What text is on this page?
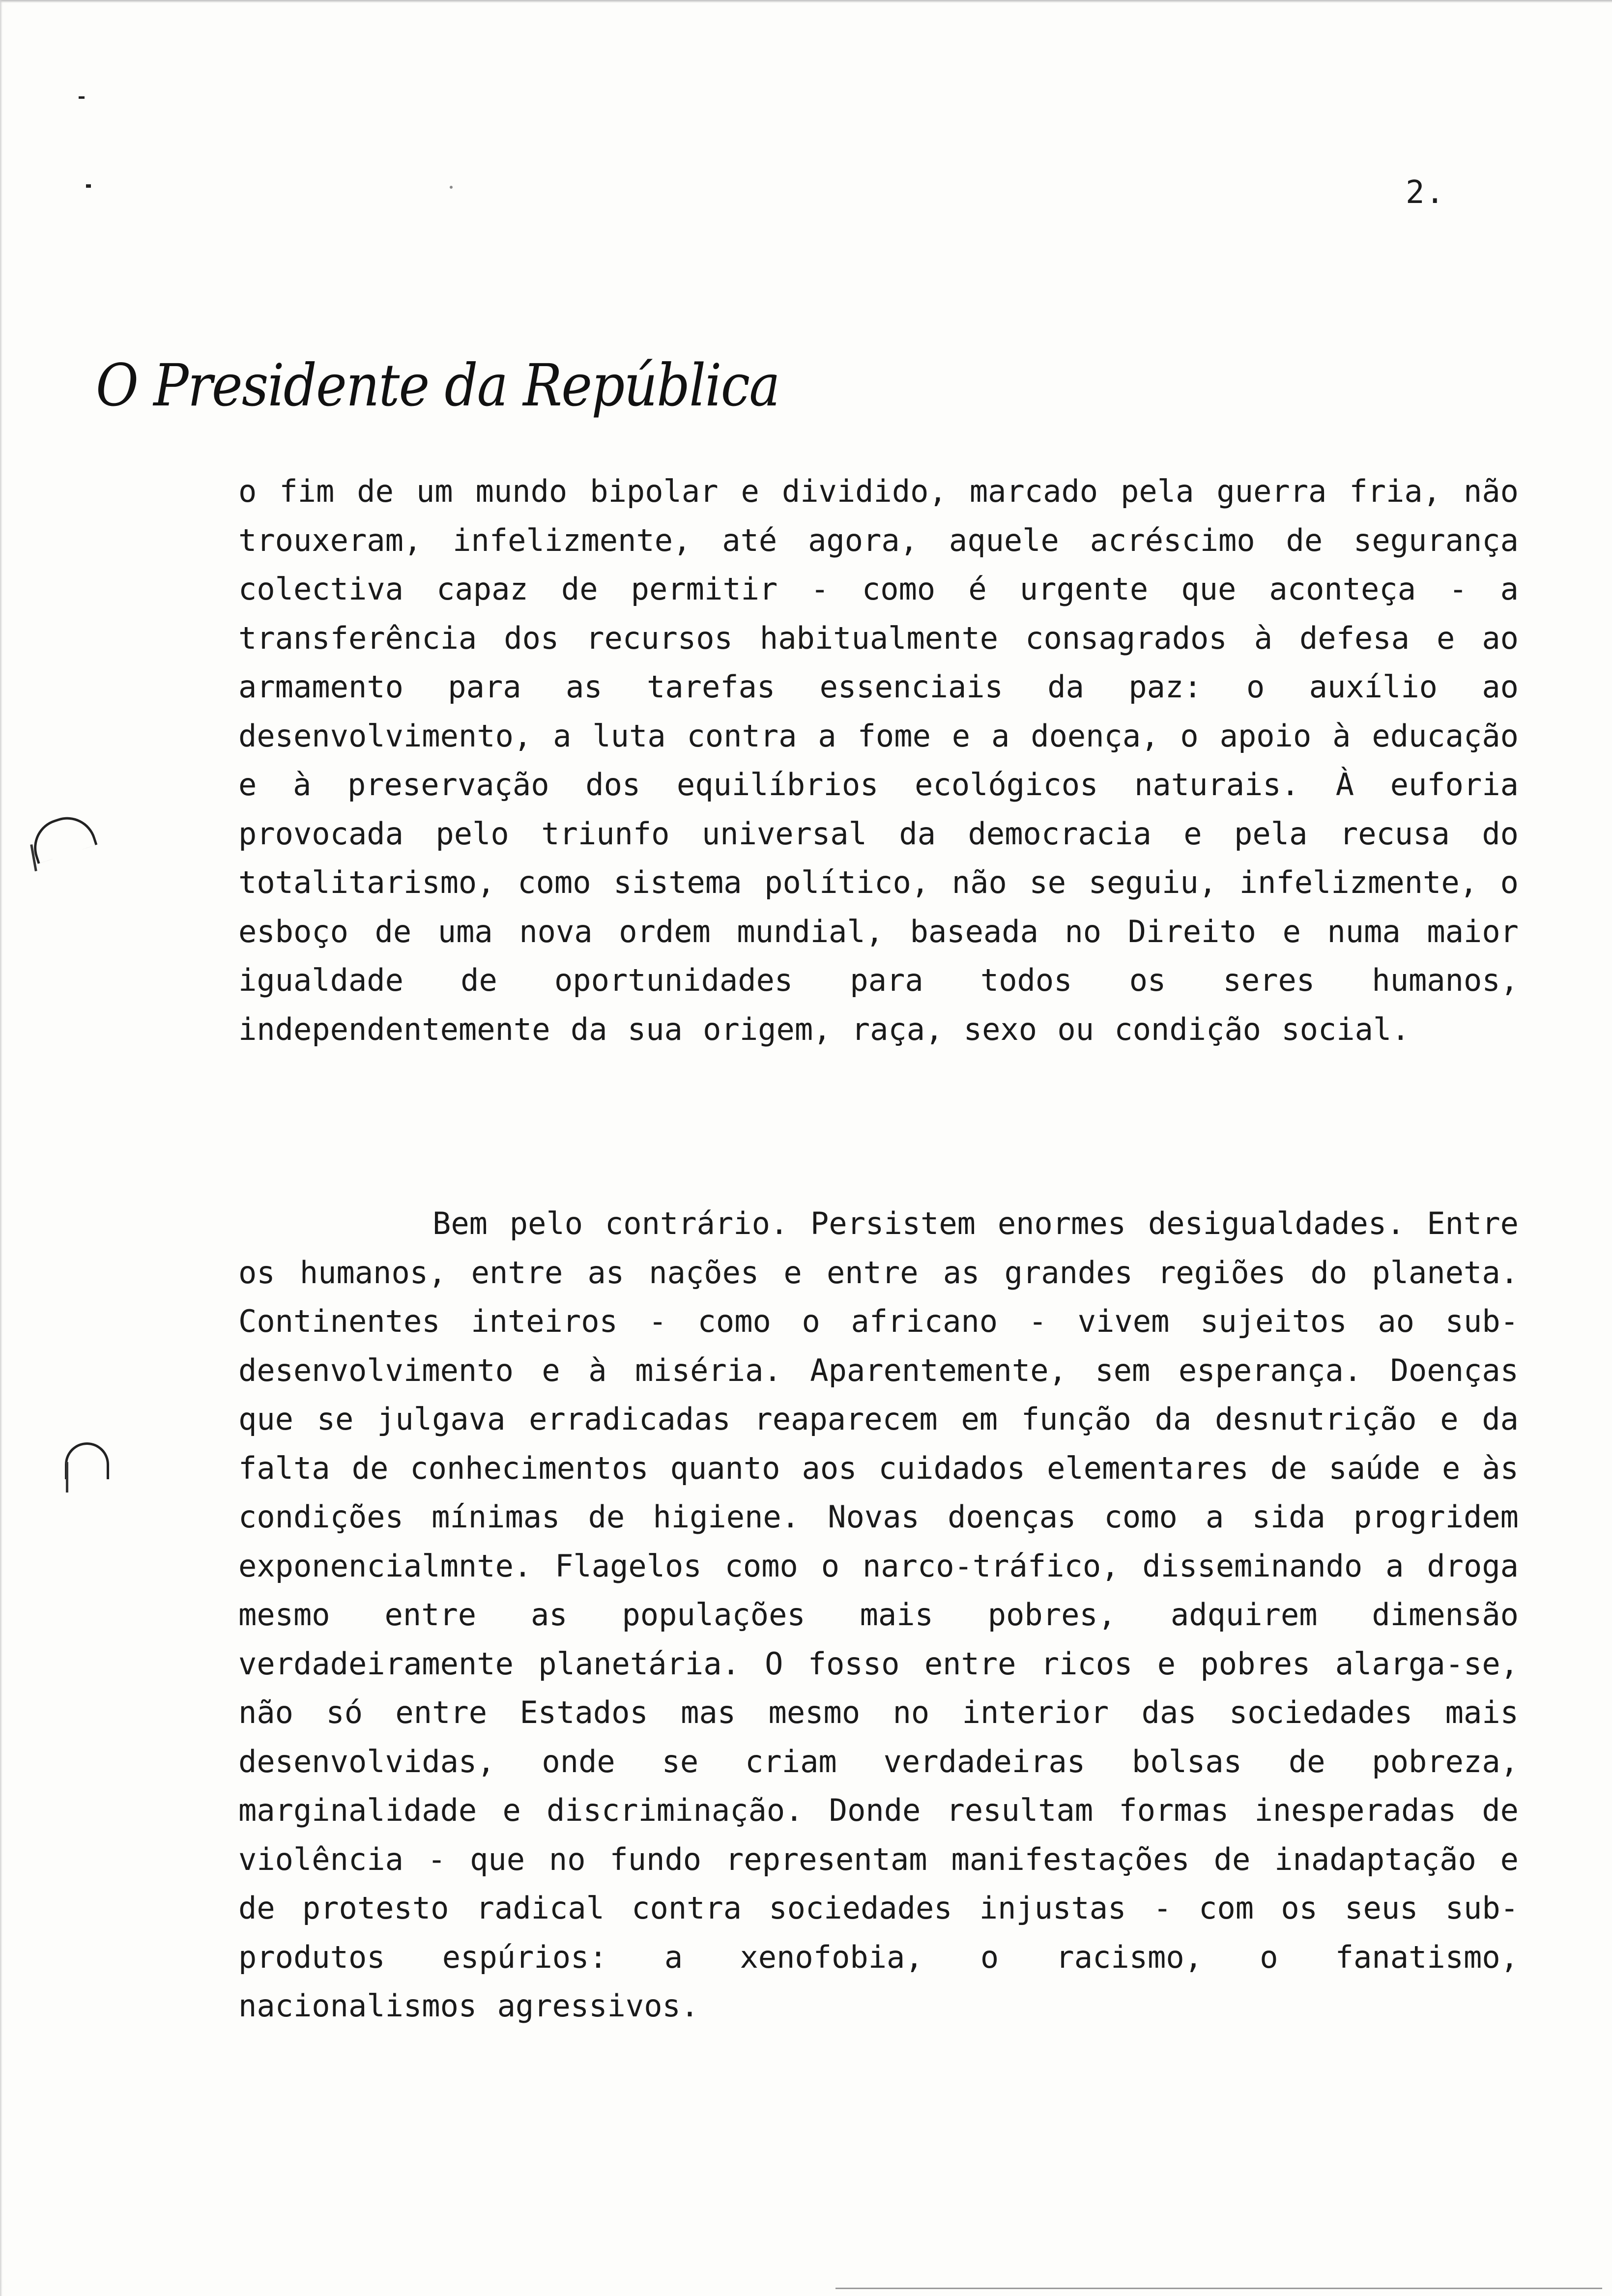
2.

O Presidente da República

o fim de um mundo bipolar e dividido, marcado pela guerra fria, não trouxeram, infelizmente, até agora, aquele acréscimo de segurança colectiva capaz de permitir - como é urgente que aconteça - a transferência dos recursos habitualmente consagrados à defesa e ao armamento para as tarefas essenciais da paz: o auxílio ao desenvolvimento, a luta contra a fome e a doença, o apoio à educação e à preservação dos equilíbrios ecológicos naturais. À euforia provocada pelo triunfo universal da democracia e pela recusa do totalitarismo, como sistema político, não se seguiu, infelizmente, o esboço de uma nova ordem mundial, baseada no Direito e numa maior igualdade de oportunidades para todos os seres humanos, independentemente da sua origem, raça, sexo ou condição social.

Bem pelo contrário. Persistem enormes desigualdades. Entre os humanos, entre as nações e entre as grandes regiões do planeta. Continentes inteiros - como o africano - vivem sujeitos ao sub-desenvolvimento e à miséria. Aparentemente, sem esperança. Doenças que se julgava erradicadas reaparecem em função da desnutrição e da falta de conhecimentos quanto aos cuidados elementares de saúde e às condições mínimas de higiene. Novas doenças como a sida progridem exponencialmnte. Flagelos como o narco-tráfico, disseminando a droga mesmo entre as populações mais pobres, adquirem dimensão verdadeiramente planetária. O fosso entre ricos e pobres alarga-se, não só entre Estados mas mesmo no interior das sociedades mais desenvolvidas, onde se criam verdadeiras bolsas de pobreza, marginalidade e discriminação. Donde resultam formas inesperadas de violência - que no fundo representam manifestações de inadaptação e de protesto radical contra sociedades injustas - com os seus sub-produtos espúrios: a xenofobia, o racismo, o fanatismo, nacionalismos agressivos.
